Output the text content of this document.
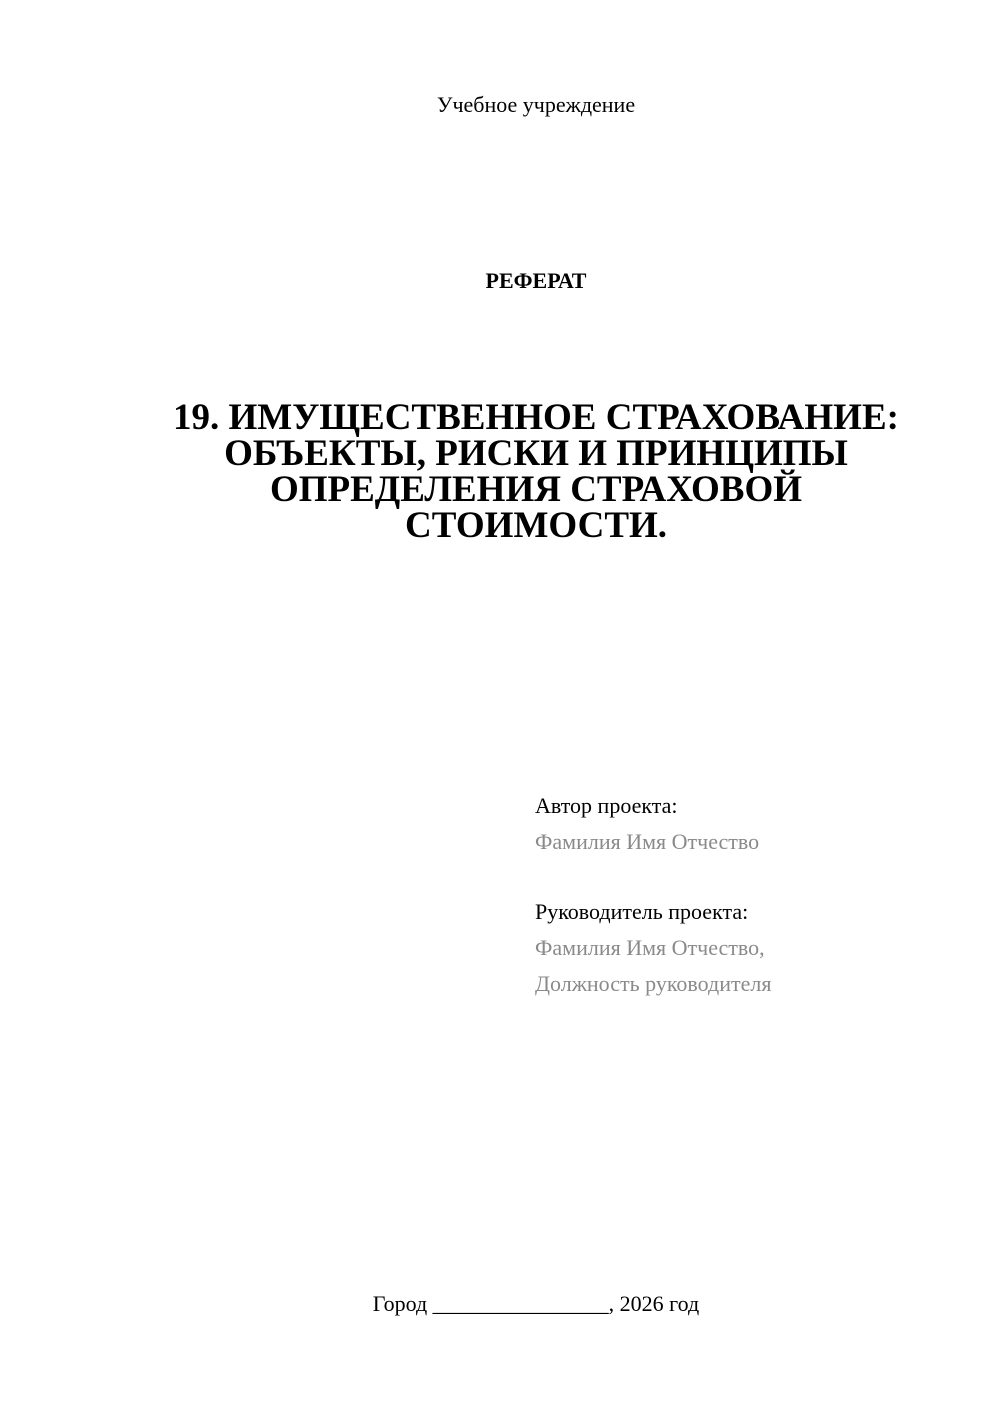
Учебное учреждение
РЕФЕРАТ
19. ИМУЩЕСТВЕННОЕ СТРАХОВАНИЕ:
ОБЪЕКТЫ, РИСКИ И ПРИНЦИПЫ
ОПРЕДЕЛЕНИЯ СТРАХОВОЙ
СТОИМОСТИ.
Автор проекта:
Фамилия Имя Отчество
Руководитель проекта:
Фамилия Имя Отчество,
Должность руководителя
Город ________________, 2026 год
